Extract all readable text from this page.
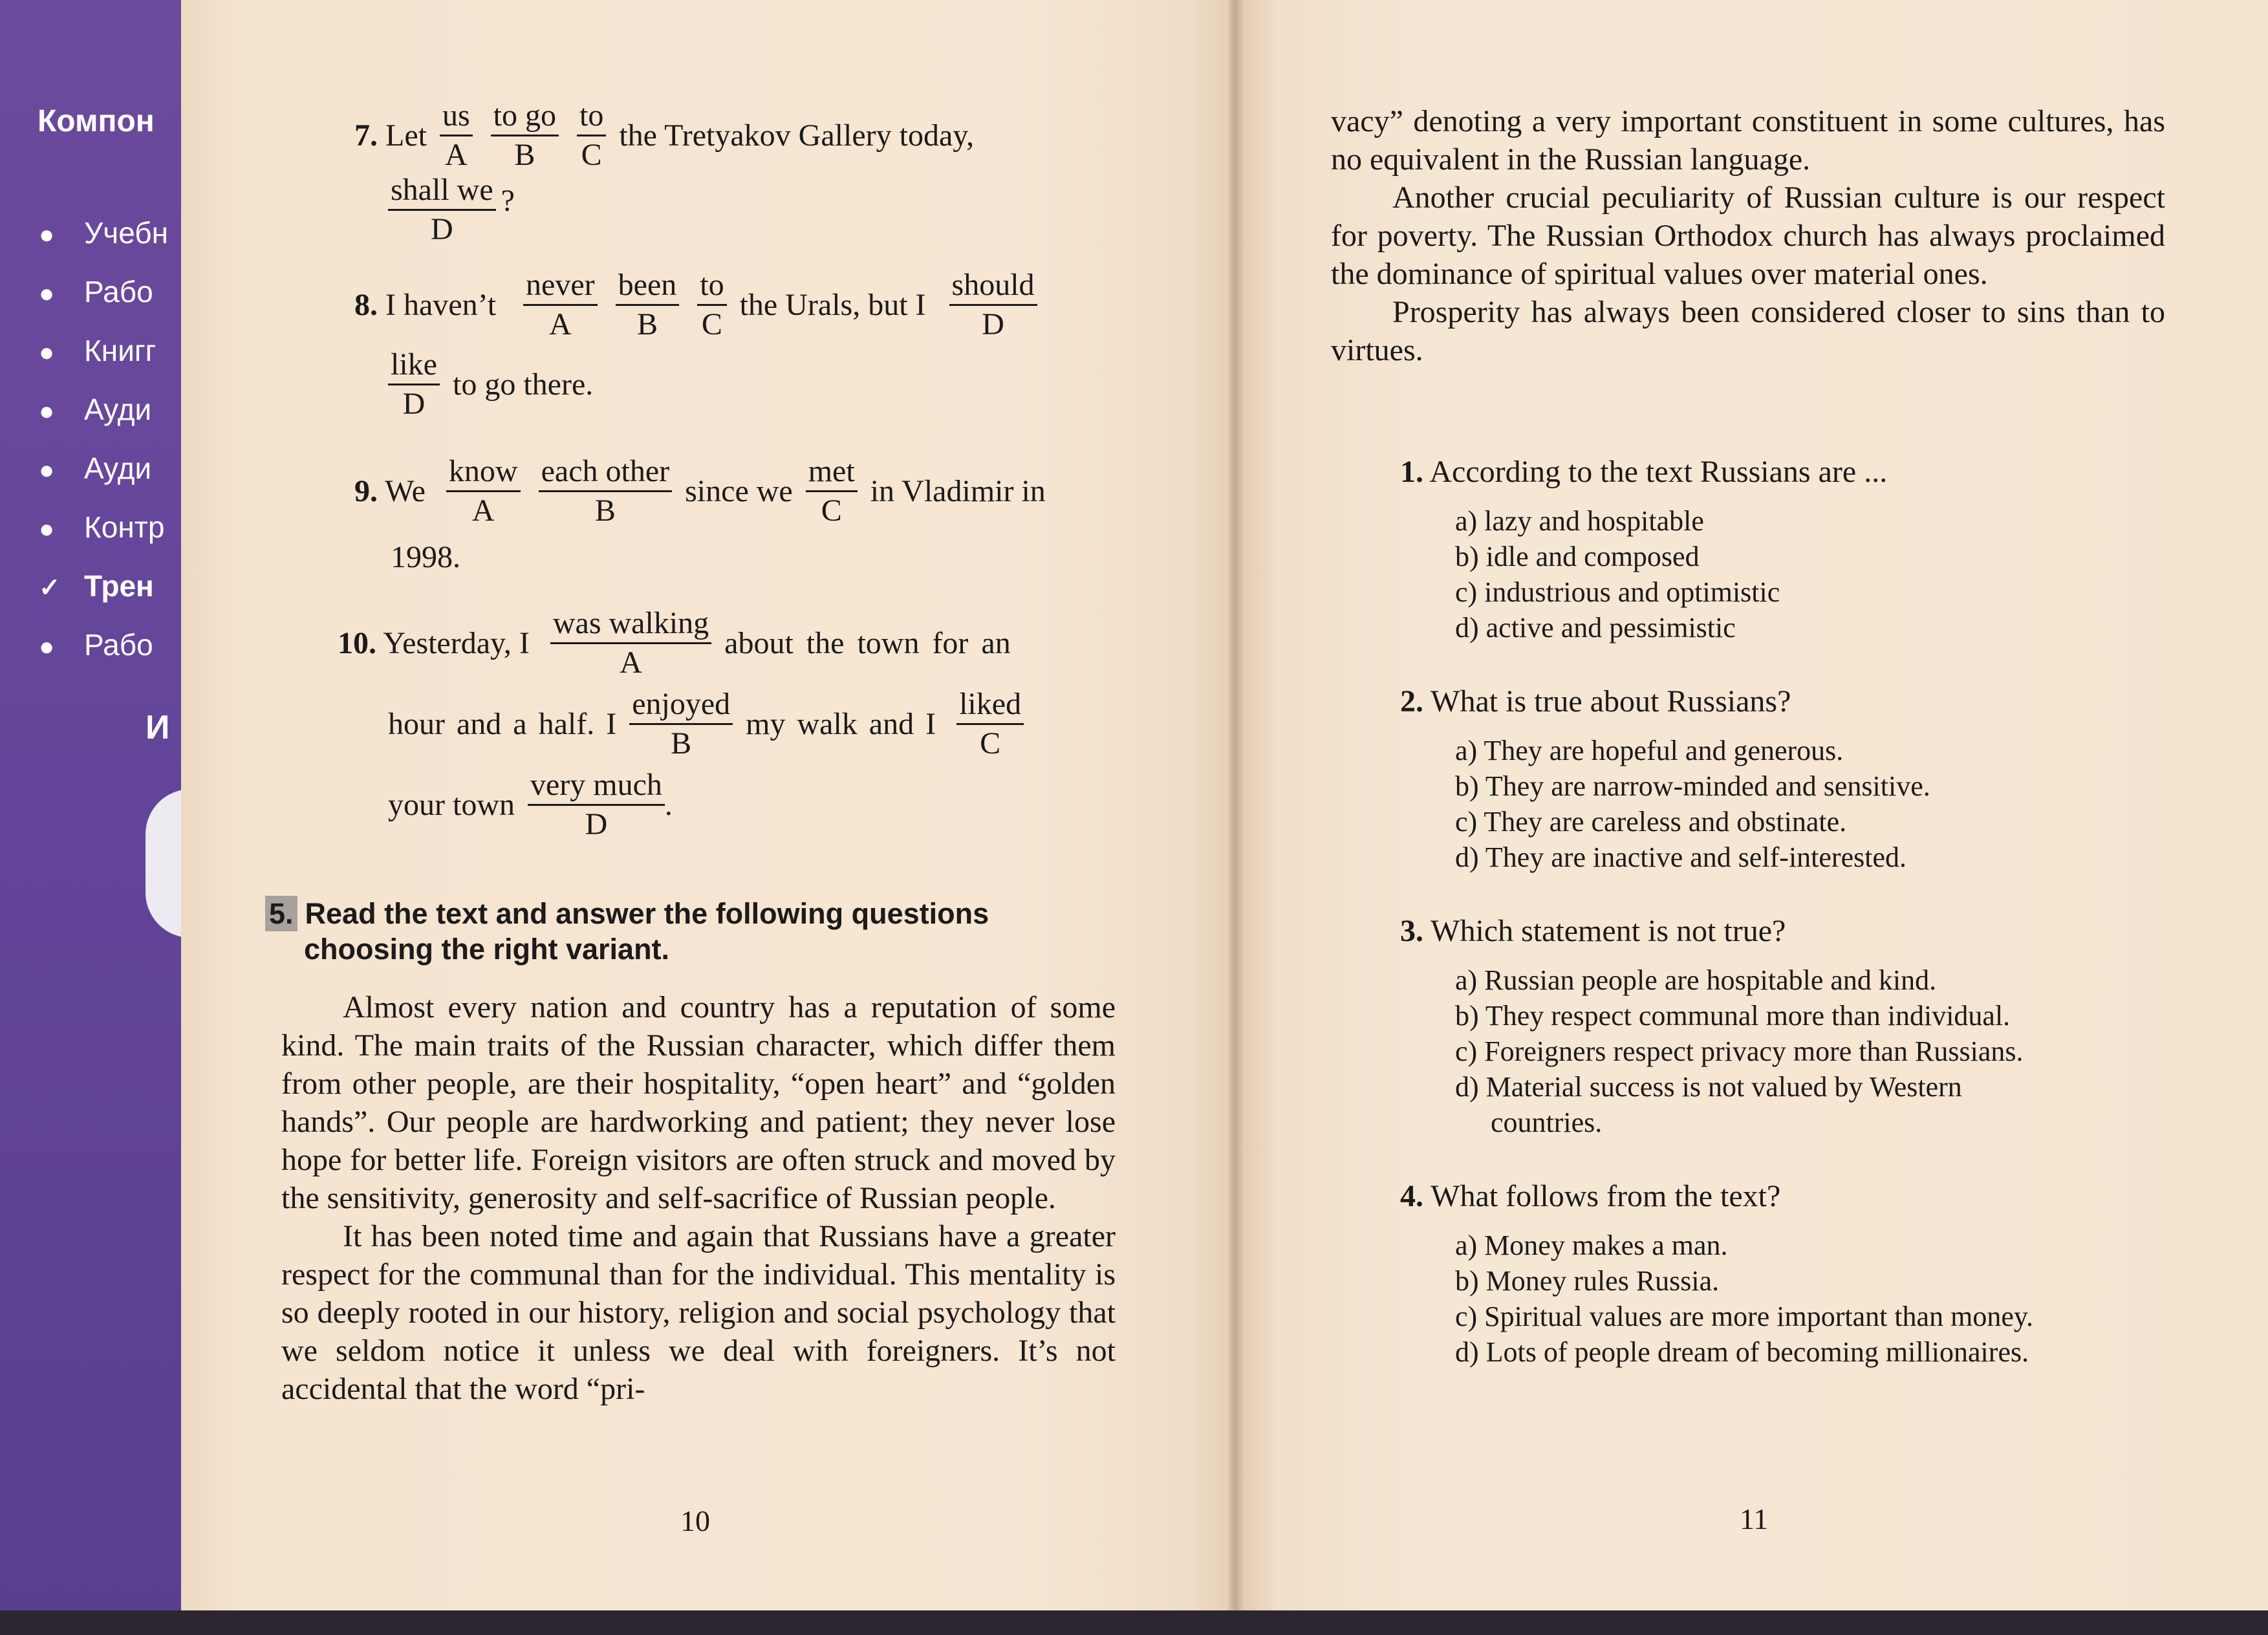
Компон
● Учебн
● Рабо
● Книгг
● Ауди
● Ауди
● Контр
✓ Трен
● Рабо
И
7. Let $\frac{us}{A}$
$\frac{\text{to go}}{B}$
$\frac{to}{C}$ the Tretyakov Gallery today,
shall we
D
?
8. I haven’t
never
A

been
B
	$\frac{to}{C}$ the Urals, but I
should
D
like
D
to go there.
9. We
know
A

each other
B
since we
met
C
in Vladimir in
1998.
10. Yesterday, I
was walking
A
about the town for an
hour and a half. I
enjoyed
B
my walk and I
liked
C
your town
very much
D
.
5. Read the text and answer the following questions choosing the right variant.

Almost every nation and country has a reputation of some kind. The main traits of the Russian character, which differ them from other people, are their hospitality, “open heart” and “golden hands”. Our people are hardworking and patient; they never lose hope for better life. Foreign visitors are often struck and moved by the sensitivity, generosity and self-sacrifice of Russian people.

It has been noted time and again that Russians have a greater respect for the communal than for the individual. This mentality is so deeply rooted in our history, religion and social psychology that we seldom notice it unless we deal with foreigners. It’s not accidental that the word “pri-

10

vacy” denoting a very important constituent in some cultures, has no equivalent in the Russian language.

Another crucial peculiarity of Russian culture is our respect for poverty. The Russian Orthodox church has always proclaimed the dominance of spiritual values over material ones.

Prosperity has always been considered closer to sins than to virtues.

1. According to the text Russians are ...
a) lazy and hospitable
b) idle and composed
c) industrious and optimistic
d) active and pessimistic
2. What is true about Russians?
a) They are hopeful and generous.
b) They are narrow-minded and sensitive.
c) They are careless and obstinate.
d) They are inactive and self-interested.
3. Which statement is not true?
a) Russian people are hospitable and kind.
b) They respect communal more than individual.
c) Foreigners respect privacy more than Russians.
d) Material success is not valued by Western
countries.
4. What follows from the text?
a) Money makes a man.
b) Money rules Russia.
c) Spiritual values are more important than money.
d) Lots of people dream of becoming millionaires.
11
